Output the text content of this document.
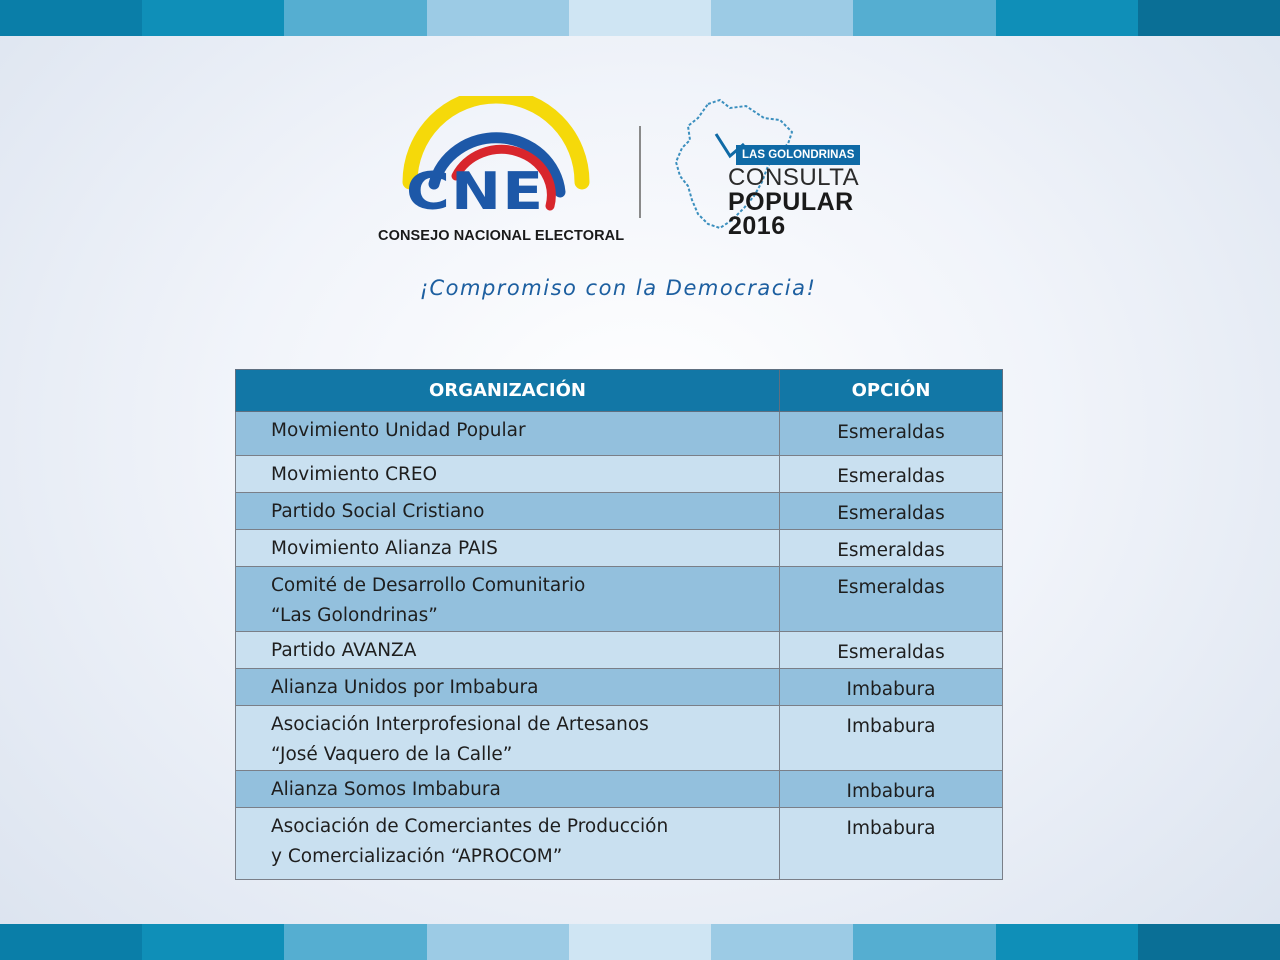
CNE
CONSEJO NACIONAL ELECTORAL
LAS GOLONDRINAS
CONSULTA
POPULAR
2016
¡Compromiso con la Democracia!
ORGANIZACIÓN	OPCIÓN
Movimiento Unidad Popular	Esmeraldas
Movimiento CREO	Esmeraldas
Partido Social Cristiano	Esmeraldas
Movimiento Alianza PAIS	Esmeraldas

Comité de Desarrollo Comunitario
“Las Golondrinas”	Esmeraldas
Partido AVANZA	Esmeraldas
Alianza Unidos por Imbabura	Imbabura

Asociación Interprofesional de Artesanos
“José Vaquero de la Calle”	Imbabura
Alianza Somos Imbabura	Imbabura

Asociación de Comerciantes de Producción
y Comercialización “APROCOM”	Imbabura
